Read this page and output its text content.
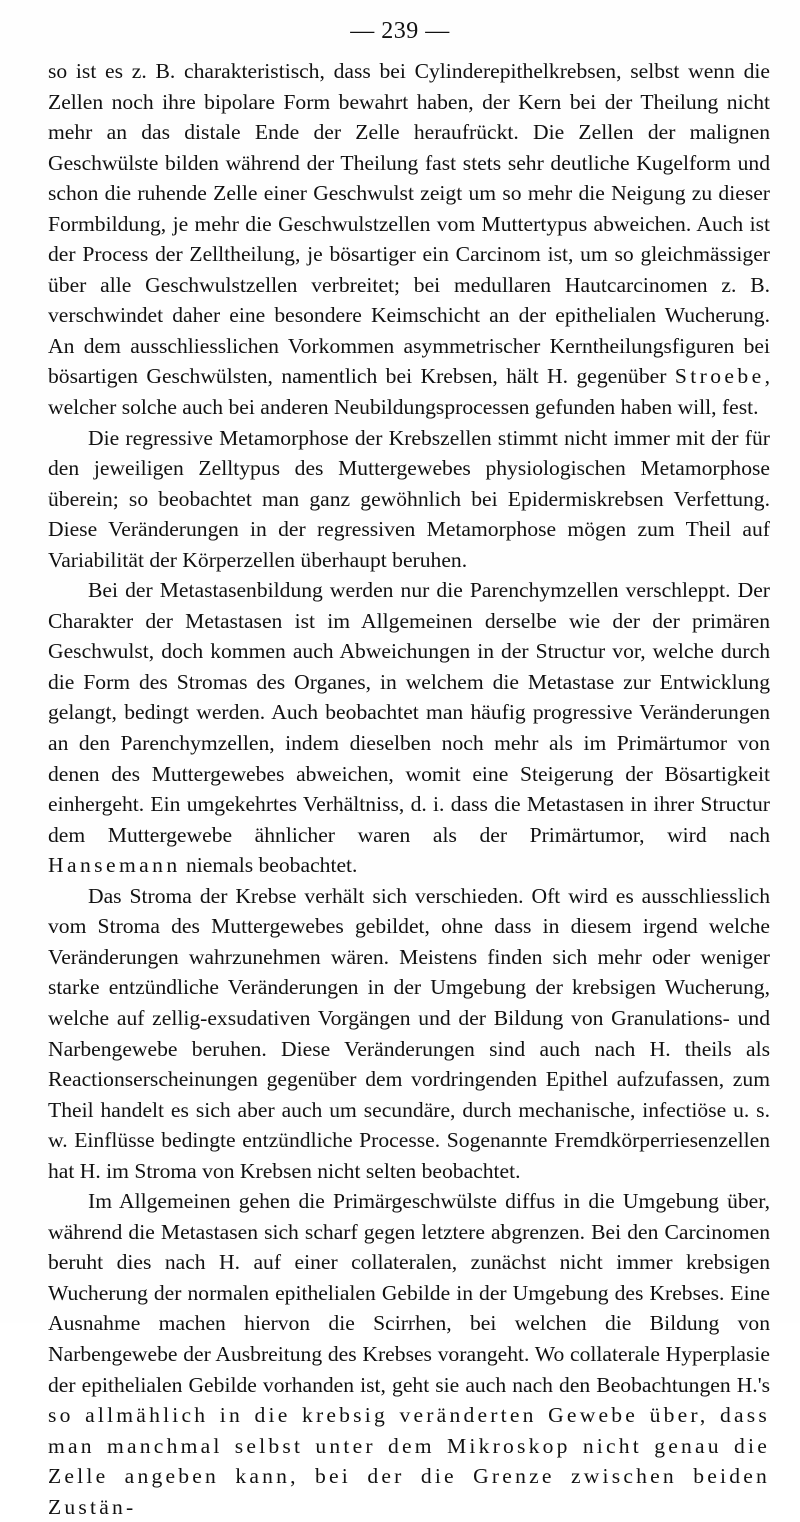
— 239 —

so ist es z. B. charakteristisch, dass bei Cylinderepithelkrebsen, selbst wenn die Zellen noch ihre bipolare Form bewahrt haben, der Kern bei der Theilung nicht mehr an das distale Ende der Zelle heraufrückt. Die Zellen der malignen Geschwülste bilden während der Theilung fast stets sehr deutliche Kugelform und schon die ruhende Zelle einer Geschwulst zeigt um so mehr die Neigung zu dieser Formbildung, je mehr die Geschwulstzellen vom Muttertypus abweichen. Auch ist der Process der Zelltheilung, je bösartiger ein Carcinom ist, um so gleichmässiger über alle Geschwulstzellen verbreitet; bei medullaren Hautcarcinomen z. B. verschwindet daher eine besondere Keimschicht an der epithelialen Wucherung. An dem ausschliesslichen Vorkommen asymmetrischer Kerntheilungsfiguren bei bösartigen Geschwülsten, namentlich bei Krebsen, hält H. gegenüber Stroebe, welcher solche auch bei anderen Neubildungsprocessen gefunden haben will, fest.

Die regressive Metamorphose der Krebszellen stimmt nicht immer mit der für den jeweiligen Zelltypus des Muttergewebes physiologischen Metamorphose überein; so beobachtet man ganz gewöhnlich bei Epidermiskrebsen Verfettung. Diese Veränderungen in der regressiven Metamorphose mögen zum Theil auf Variabilität der Körperzellen überhaupt beruhen.

Bei der Metastasenbildung werden nur die Parenchymzellen verschleppt. Der Charakter der Metastasen ist im Allgemeinen derselbe wie der der primären Geschwulst, doch kommen auch Abweichungen in der Structur vor, welche durch die Form des Stromas des Organes, in welchem die Metastase zur Entwicklung gelangt, bedingt werden. Auch beobachtet man häufig progressive Veränderungen an den Parenchymzellen, indem dieselben noch mehr als im Primärtumor von denen des Muttergewebes abweichen, womit eine Steigerung der Bösartigkeit einhergeht. Ein umgekehrtes Verhältniss, d. i. dass die Metastasen in ihrer Structur dem Muttergewebe ähnlicher waren als der Primärtumor, wird nach Hansemann niemals beobachtet.

Das Stroma der Krebse verhält sich verschieden. Oft wird es ausschliesslich vom Stroma des Muttergewebes gebildet, ohne dass in diesem irgend welche Veränderungen wahrzunehmen wären. Meistens finden sich mehr oder weniger starke entzündliche Veränderungen in der Umgebung der krebsigen Wucherung, welche auf zellig-exsudativen Vorgängen und der Bildung von Granulations- und Narbengewebe beruhen. Diese Veränderungen sind auch nach H. theils als Reactionserscheinungen gegenüber dem vordringenden Epithel aufzufassen, zum Theil handelt es sich aber auch um secundäre, durch mechanische, infectiöse u. s. w. Einflüsse bedingte entzündliche Processe. Sogenannte Fremdkörperriesenzellen hat H. im Stroma von Krebsen nicht selten beobachtet.

Im Allgemeinen gehen die Primärgeschwülste diffus in die Umgebung über, während die Metastasen sich scharf gegen letztere abgrenzen. Bei den Carcinomen beruht dies nach H. auf einer collateralen, zunächst nicht immer krebsigen Wucherung der normalen epithelialen Gebilde in der Umgebung des Krebses. Eine Ausnahme machen hiervon die Scirrhen, bei welchen die Bildung von Narbengewebe der Ausbreitung des Krebses vorangeht. Wo collaterale Hyperplasie der epithelialen Gebilde vorhanden ist, geht sie auch nach den Beobachtungen H.'s so allmählich in die krebsig veränderten Gewebe über, dass man manchmal selbst unter dem Mikroskop nicht genau die Zelle angeben kann, bei der die Grenze zwischen beiden Zustän-
